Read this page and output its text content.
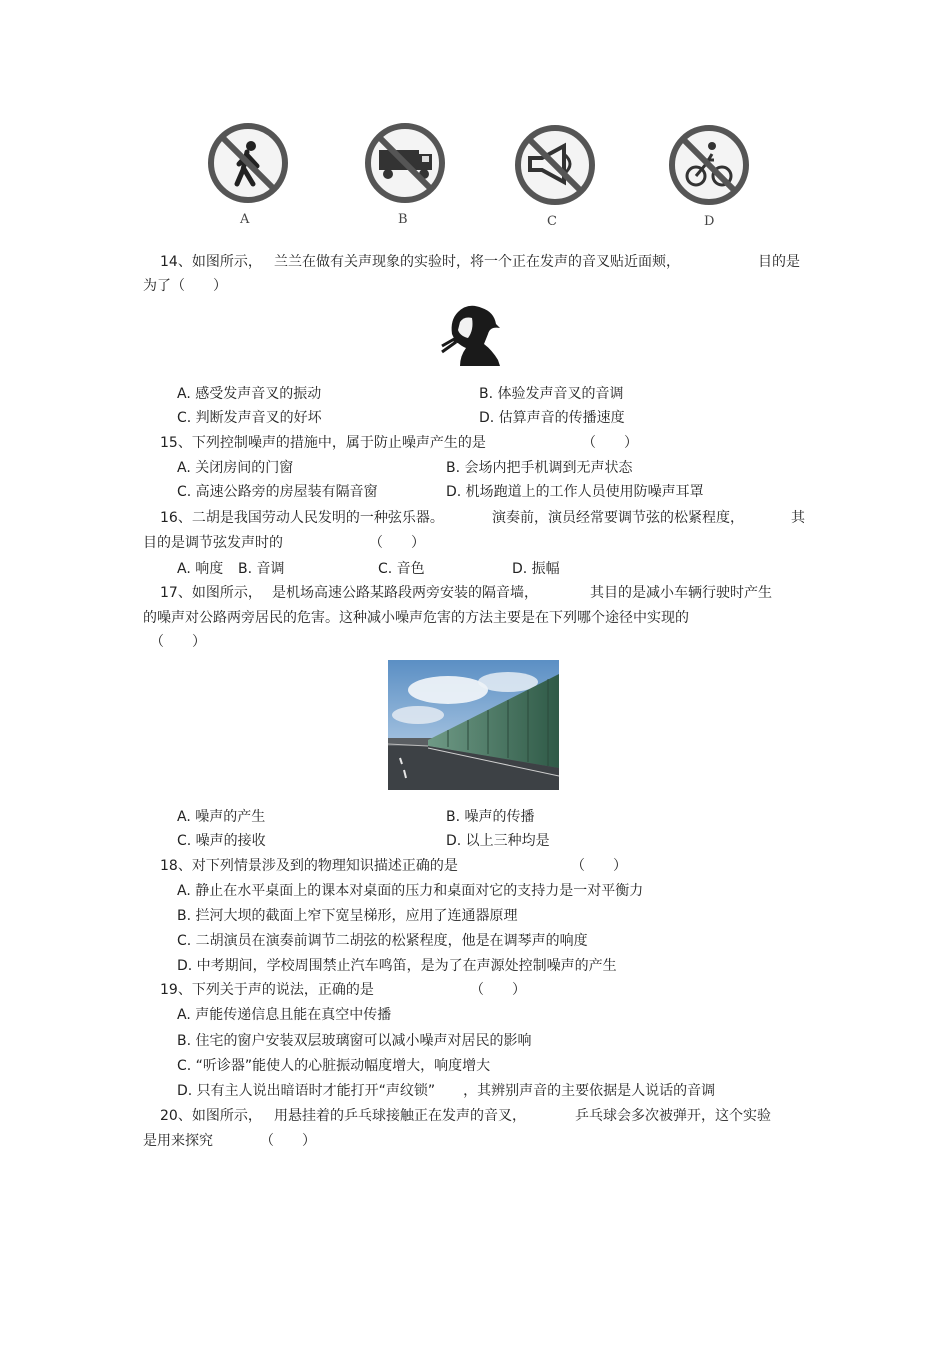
A	B	C	D
14、如图所示， 兰兰在做有关声现象的实验时，将一个正在发声的音叉贴近面颊，	目的是
为了（　　）
A. 感受发声音叉的振动	B. 体验发声音叉的音调
C. 判断发声音叉的好坏	D. 估算声音的传播速度
15、下列控制噪声的措施中，属于防止噪声产生的是	（　　）
A. 关闭房间的门窗	B. 会场内把手机调到无声状态
C. 高速公路旁的房屋装有隔音窗	D. 机场跑道上的工作人员使用防噪声耳罩
16、二胡是我国劳动人民发明的一种弦乐器。	演奏前，演员经常要调节弦的松紧程度，	其
目的是调节弦发声时的	（　　）
A. 响度 B. 音调	C. 音色	D. 振幅
17、如图所示， 是机场高速公路某路段两旁安装的隔音墙，	其目的是减小车辆行驶时产生
的噪声对公路两旁居民的危害。这种减小噪声危害的方法主要是在下列哪个途径中实现的
（　　）
A. 噪声的产生	B. 噪声的传播
C. 噪声的接收	D. 以上三种均是
18、对下列情景涉及到的物理知识描述正确的是	（　　）
A. 静止在水平桌面上的课本对桌面的压力和桌面对它的支持力是一对平衡力
B. 拦河大坝的截面上窄下宽呈梯形，应用了连通器原理
C. 二胡演员在演奏前调节二胡弦的松紧程度，他是在调琴声的响度
D. 中考期间，学校周围禁止汽车鸣笛，是为了在声源处控制噪声的产生
19、下列关于声的说法，正确的是	（　　）
A. 声能传递信息且能在真空中传播
B. 住宅的窗户安装双层玻璃窗可以减小噪声对居民的影响
C. “听诊器”能使人的心脏振动幅度增大，响度增大
D. 只有主人说出暗语时才能打开“声纹锁”　　，其辨别声音的主要依据是人说话的音调
20、如图所示， 用悬挂着的乒乓球接触正在发声的音叉，	乒乓球会多次被弹开，这个实验
是用来探究	（　　）
